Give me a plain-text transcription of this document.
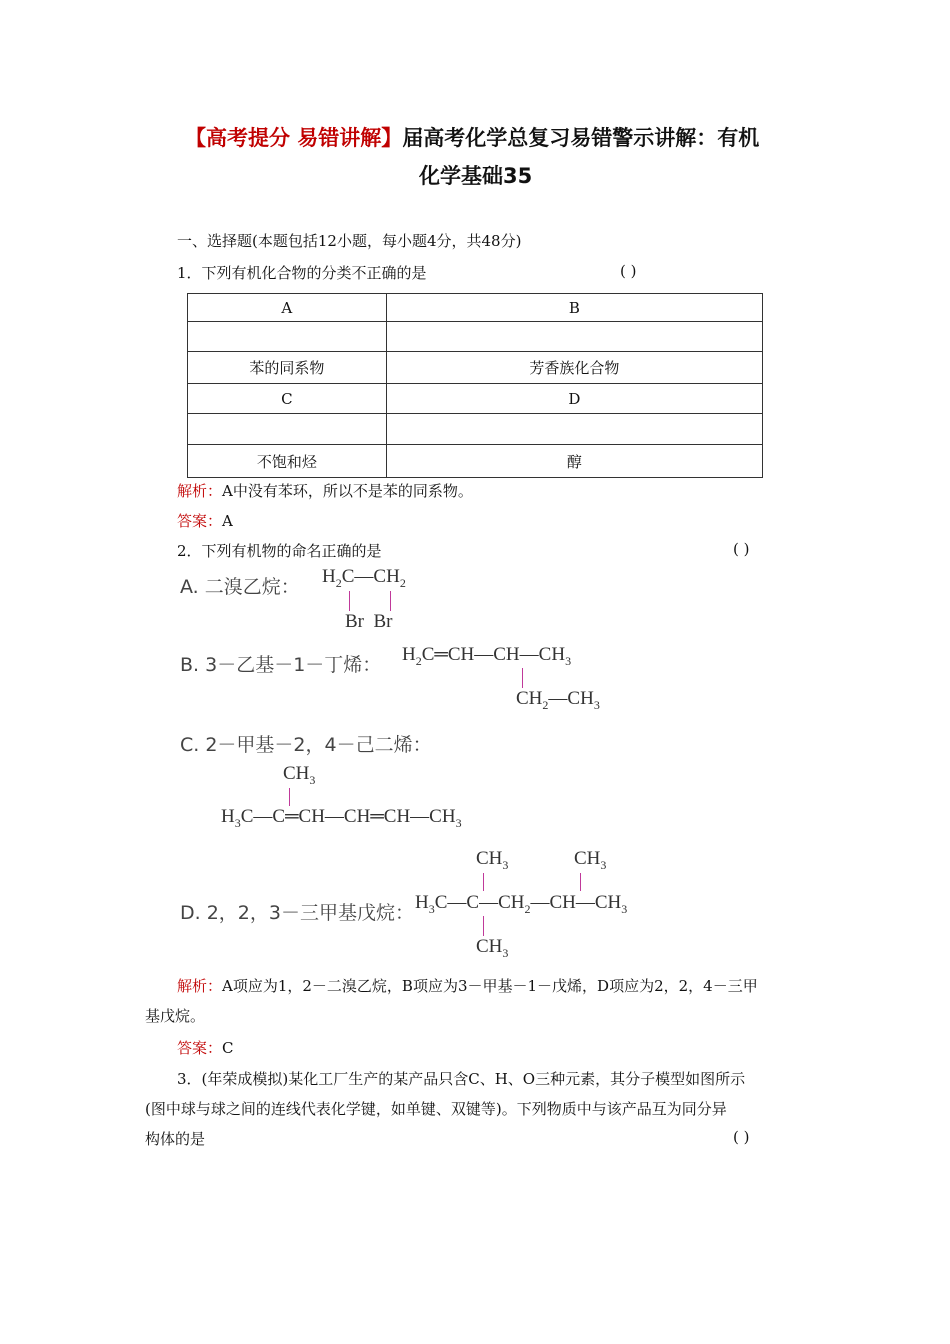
【高考提分 易错讲解】届高考化学总复习易错警示讲解：有机
化学基础35
一、选择题(本题包括12小题，每小题4分，共48分)
1．下列有机化合物的分类不正确的是	( )
A	B

苯的同系物	芳香族化合物
C	D

不饱和烃	醇
解析：A中没有苯环，所以不是苯的同系物。
答案：A
2．下列有机物的命名正确的是	( )
A. 二溴乙烷： $H_2C—CH_2$
Br  Br
B. 3－乙基－1－丁烯： $H_2C═CH—CH—CH_3$
$CH_2—CH_3$
C. 2－甲基－2，4－己二烯：
$CH_3$
$H_3C—C═CH—CH═CH—CH_3$
$CH_3$	$CH_3$
D. 2，2，3－三甲基戊烷： $H_3C—C—CH_2—CH—CH_3$
$CH_3$
解析：A项应为1，2－二溴乙烷，B项应为3－甲基－1－戊烯，D项应为2，2，4－三甲
基戊烷。
答案：C
3．(年荣成模拟)某化工厂生产的某产品只含C、H、O三种元素，其分子模型如图所示
(图中球与球之间的连线代表化学键，如单键、双键等)。下列物质中与该产品互为同分异
构体的是	( )
